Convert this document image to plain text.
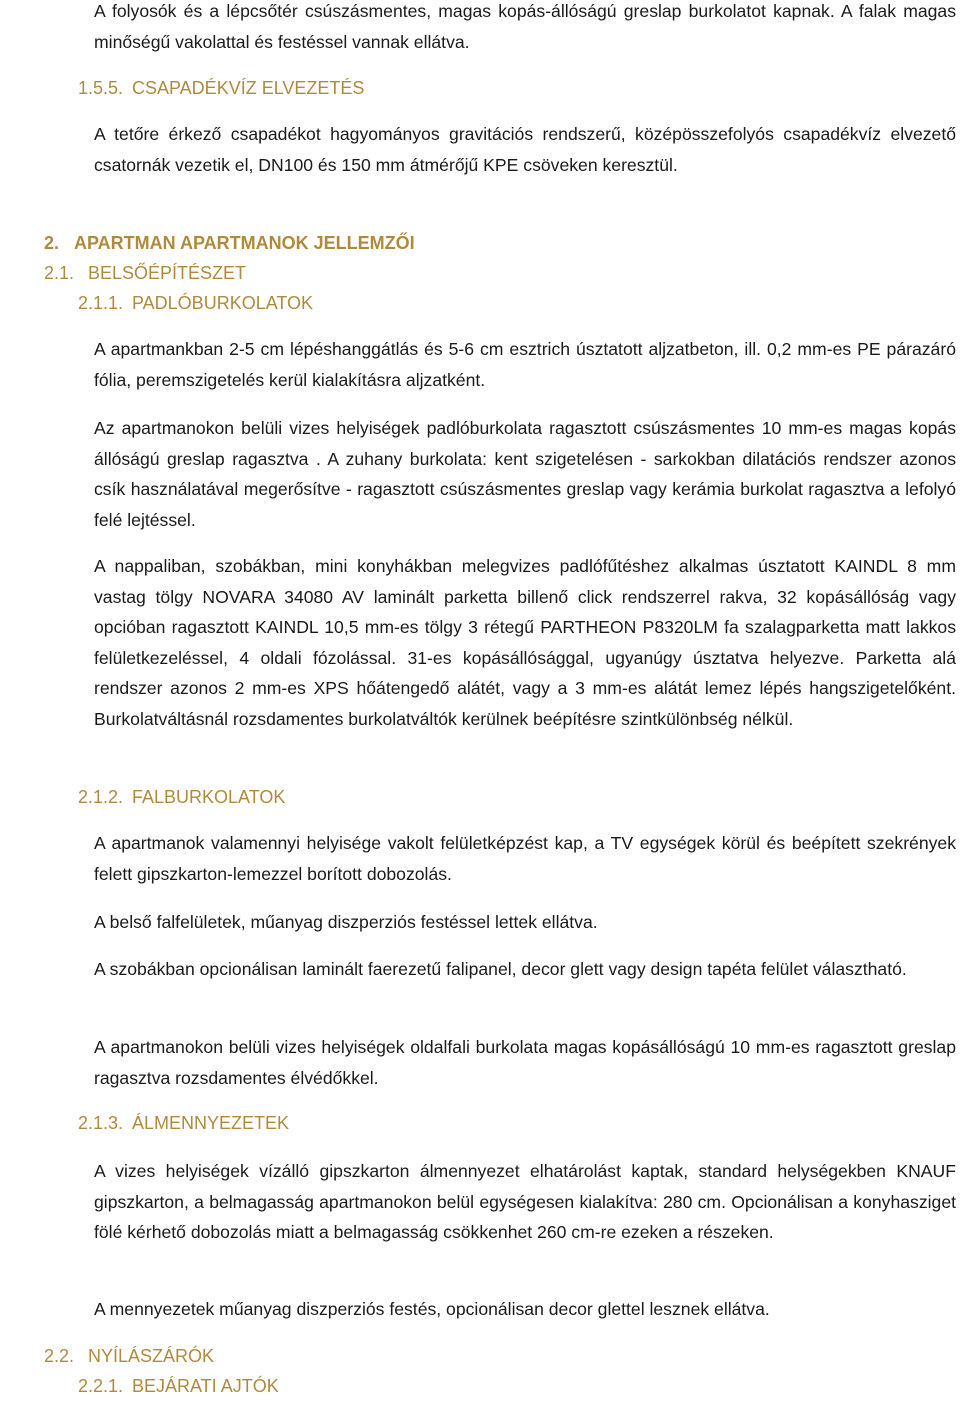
A folyosók és a lépcsőtér csúszásmentes, magas kopás-állóságú greslap burkolatot kapnak. A falak magas minőségű vakolattal és festéssel vannak ellátva.

1.5.5. CSAPADÉKVÍZ ELVEZETÉS

A tetőre érkező csapadékot hagyományos gravitációs rendszerű, középösszefolyós csapadékvíz elvezető csatornák vezetik el, DN100 és 150 mm átmérőjű KPE csöveken keresztül.

2. APARTMAN APARTMANOK JELLEMZŐI
2.1. BELSŐÉPÍTÉSZET
2.1.1. PADLÓBURKOLATOK

A apartmankban 2-5 cm lépéshanggátlás és 5-6 cm esztrich úsztatott aljzatbeton, ill. 0,2 mm-es PE párazáró fólia, peremszigetelés kerül kialakításra aljzatként.

Az apartmanokon belüli vizes helyiségek padlóburkolata ragasztott csúszásmentes 10 mm-es magas kopás állóságú greslap ragasztva . A zuhany burkolata: kent szigetelésen - sarkokban dilatációs rendszer azonos csík használatával megerősítve - ragasztott csúszásmentes greslap vagy kerámia burkolat ragasztva a lefolyó felé lejtéssel.

A nappaliban, szobákban, mini konyhákban melegvizes padlófűtéshez alkalmas úsztatott KAINDL 8 mm vastag tölgy NOVARA 34080 AV laminált parketta billenő click rendszerrel rakva, 32 kopásállóság vagy opcióban ragasztott KAINDL 10,5 mm-es tölgy 3 rétegű PARTHEON P8320LM fa szalagparketta matt lakkos felületkezeléssel, 4 oldali fózolással. 31-es kopásállósággal, ugyanúgy úsztatva helyezve. Parketta alá rendszer azonos 2 mm-es XPS hőátengedő alátét, vagy a 3 mm-es alátát lemez lépés hangszigetelőként. Burkolatváltásnál rozsdamentes burkolatváltók kerülnek beépítésre szintkülönbség nélkül.

2.1.2. FALBURKOLATOK

A apartmanok valamennyi helyisége vakolt felületképzést kap, a TV egységek körül és beépített szekrények felett gipszkarton-lemezzel borított dobozolás.

A belső falfelületek, műanyag diszperziós festéssel lettek ellátva.

A szobákban opcionálisan laminált faerezetű falipanel, decor glett vagy design tapéta felület választható.

A apartmanokon belüli vizes helyiségek oldalfali burkolata magas kopásállóságú 10 mm-es ragasztott greslap ragasztva rozsdamentes élvédőkkel.

2.1.3. ÁLMENNYEZETEK

A vizes helyiségek vízálló gipszkarton álmennyezet elhatárolást kaptak, standard helységekben KNAUF gipszkarton, a belmagasság apartmanokon belül egységesen kialakítva: 280 cm. Opcionálisan a konyhasziget fölé kérhető dobozolás miatt a belmagasság csökkenhet 260 cm-re ezeken a részeken.

A mennyezetek műanyag diszperziós festés, opcionálisan decor glettel lesznek ellátva.

2.2. NYÍLÁSZÁRÓK
2.2.1. BEJÁRATI AJTÓK
